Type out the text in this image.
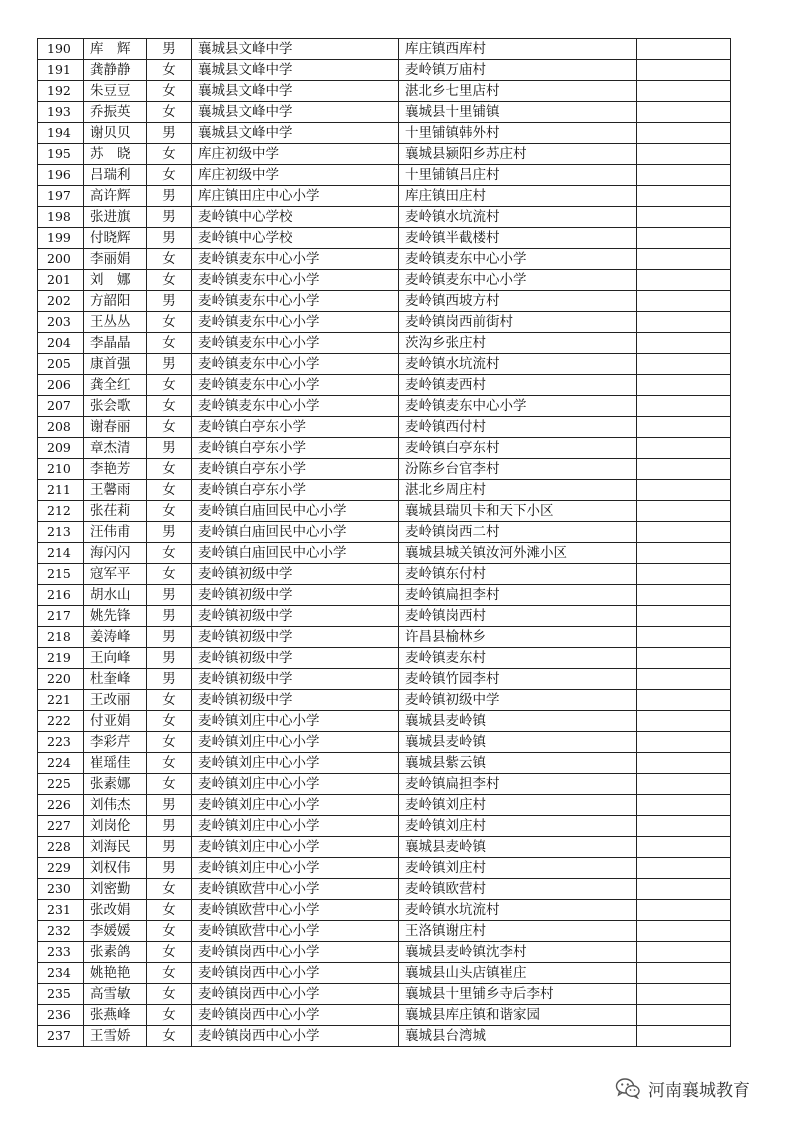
190	库　辉	男	襄城县文峰中学	库庄镇西库村	
191	龚静静	女	襄城县文峰中学	麦岭镇万庙村	
192	朱豆豆	女	襄城县文峰中学	湛北乡七里店村	
193	乔振英	女	襄城县文峰中学	襄城县十里铺镇	
194	谢贝贝	男	襄城县文峰中学	十里铺镇韩外村	
195	苏　晓	女	库庄初级中学	襄城县颍阳乡苏庄村	
196	吕瑞利	女	库庄初级中学	十里铺镇吕庄村	
197	高许辉	男	库庄镇田庄中心小学	库庄镇田庄村	
198	张进旗	男	麦岭镇中心学校	麦岭镇水坑流村	
199	付晓辉	男	麦岭镇中心学校	麦岭镇半截楼村	
200	李丽娟	女	麦岭镇麦东中心小学	麦岭镇麦东中心小学	
201	刘　娜	女	麦岭镇麦东中心小学	麦岭镇麦东中心小学	
202	方韶阳	男	麦岭镇麦东中心小学	麦岭镇西坡方村	
203	王丛丛	女	麦岭镇麦东中心小学	麦岭镇岗西前街村	
204	李晶晶	女	麦岭镇麦东中心小学	茨沟乡张庄村	
205	康首强	男	麦岭镇麦东中心小学	麦岭镇水坑流村	
206	龚全红	女	麦岭镇麦东中心小学	麦岭镇麦西村	
207	张会歌	女	麦岭镇麦东中心小学	麦岭镇麦东中心小学	
208	谢春丽	女	麦岭镇白亭东小学	麦岭镇西付村	
209	章杰清	男	麦岭镇白亭东小学	麦岭镇白亭东村	
210	李艳芳	女	麦岭镇白亭东小学	汾陈乡台官李村	
211	王馨雨	女	麦岭镇白亭东小学	湛北乡周庄村	
212	张茌莉	女	麦岭镇白庙回民中心小学	襄城县瑞贝卡和天下小区	
213	汪伟甫	男	麦岭镇白庙回民中心小学	麦岭镇岗西二村	
214	海闪闪	女	麦岭镇白庙回民中心小学	襄城县城关镇汝河外滩小区	
215	寇军平	女	麦岭镇初级中学	麦岭镇东付村	
216	胡水山	男	麦岭镇初级中学	麦岭镇扁担李村	
217	姚先锋	男	麦岭镇初级中学	麦岭镇岗西村	
218	姜涛峰	男	麦岭镇初级中学	许昌县榆林乡	
219	王向峰	男	麦岭镇初级中学	麦岭镇麦东村	
220	杜奎峰	男	麦岭镇初级中学	麦岭镇竹园李村	
221	王改丽	女	麦岭镇初级中学	麦岭镇初级中学	
222	付亚娟	女	麦岭镇刘庄中心小学	襄城县麦岭镇	
223	李彩芹	女	麦岭镇刘庄中心小学	襄城县麦岭镇	
224	崔瑶佳	女	麦岭镇刘庄中心小学	襄城县紫云镇	
225	张素娜	女	麦岭镇刘庄中心小学	麦岭镇扁担李村	
226	刘伟杰	男	麦岭镇刘庄中心小学	麦岭镇刘庄村	
227	刘岗伦	男	麦岭镇刘庄中心小学	麦岭镇刘庄村	
228	刘海民	男	麦岭镇刘庄中心小学	襄城县麦岭镇	
229	刘权伟	男	麦岭镇刘庄中心小学	麦岭镇刘庄村	
230	刘密勤	女	麦岭镇欧营中心小学	麦岭镇欧营村	
231	张改娟	女	麦岭镇欧营中心小学	麦岭镇水坑流村	
232	李媛媛	女	麦岭镇欧营中心小学	王洛镇谢庄村	
233	张素鸽	女	麦岭镇岗西中心小学	襄城县麦岭镇沈李村	
234	姚艳艳	女	麦岭镇岗西中心小学	襄城县山头店镇崔庄	
235	高雪敏	女	麦岭镇岗西中心小学	襄城县十里铺乡寺后李村	
236	张燕峰	女	麦岭镇岗西中心小学	襄城县库庄镇和谐家园	
237	王雪娇	女	麦岭镇岗西中心小学	襄城县台湾城	
河南襄城教育
